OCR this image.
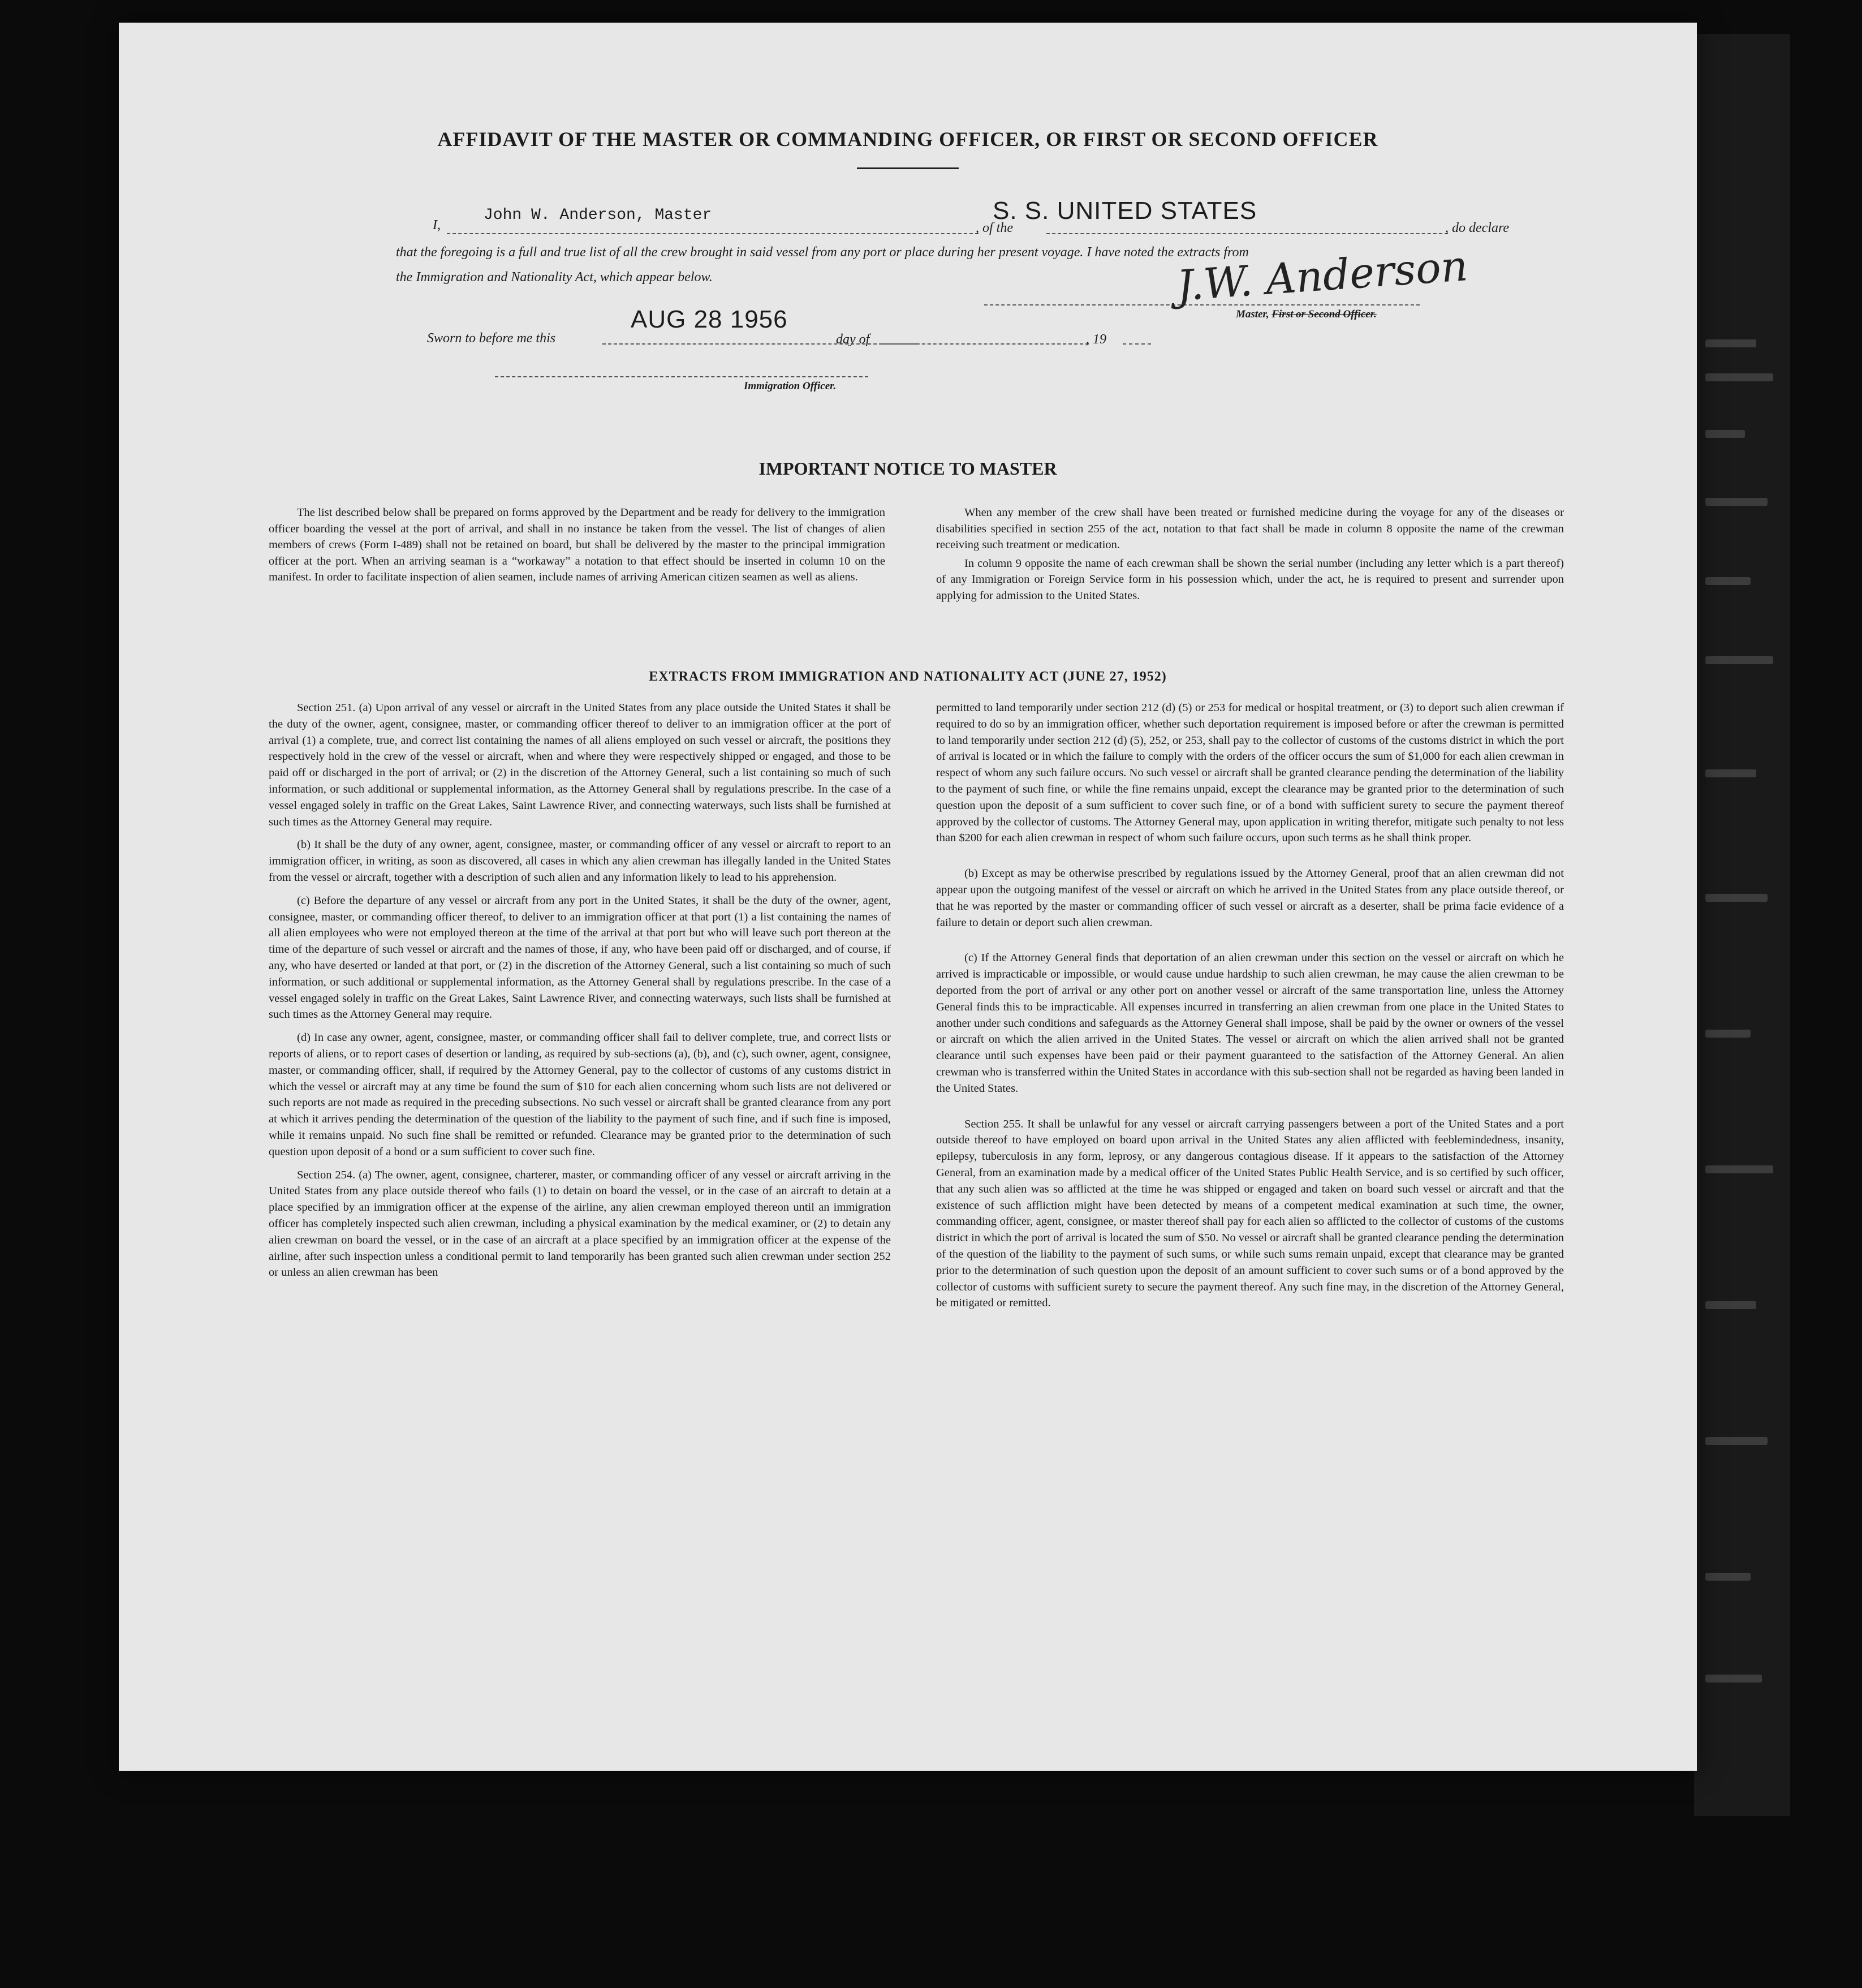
AFFIDAVIT OF THE MASTER OR COMMANDING OFFICER, OR FIRST OR SECOND OFFICER
I,
John W. Anderson, Master
, of the
S. S. UNITED STATES
, do declare
that the foregoing is a full and true list of all the crew brought in said vessel from any port or place during her present voyage. I have noted the extracts from
the Immigration and Nationality Act, which appear below.	J.W. Anderson
Master, First or Second Officer.
Sworn to before me this
AUG 28 1956
day of	, 19
Immigration Officer.
IMPORTANT NOTICE TO MASTER

The list described below shall be prepared on forms approved by the Department and be ready for delivery to the immigration officer boarding the vessel at the port of arrival, and shall in no instance be taken from the vessel. The list of changes of alien members of crews (Form I-489) shall not be retained on board, but shall be delivered by the master to the principal immigration officer at the port. When an arriving seaman is a “workaway” a notation to that effect should be inserted in column 10 on the manifest. In order to facilitate inspection of alien seamen, include names of arriving American citizen seamen as well as aliens.

When any member of the crew shall have been treated or furnished medicine during the voyage for any of the diseases or disabilities specified in section 255 of the act, notation to that fact shall be made in column 8 opposite the name of the crewman receiving such treatment or medication.

In column 9 opposite the name of each crewman shall be shown the serial number (including any letter which is a part thereof) of any Immigration or Foreign Service form in his possession which, under the act, he is required to present and surrender upon applying for admission to the United States.

EXTRACTS FROM IMMIGRATION AND NATIONALITY ACT (JUNE 27, 1952)

Section 251. (a) Upon arrival of any vessel or aircraft in the United States from any place outside the United States it shall be the duty of the owner, agent, consignee, master, or commanding officer thereof to deliver to an immigration officer at the port of arrival (1) a complete, true, and correct list containing the names of all aliens employed on such vessel or aircraft, the positions they respectively hold in the crew of the vessel or aircraft, when and where they were respectively shipped or engaged, and those to be paid off or discharged in the port of arrival; or (2) in the discretion of the Attorney General, such a list containing so much of such information, or such additional or supplemental information, as the Attorney General shall by regulations prescribe. In the case of a vessel engaged solely in traffic on the Great Lakes, Saint Lawrence River, and connecting waterways, such lists shall be furnished at such times as the Attorney General may require.

(b) It shall be the duty of any owner, agent, consignee, master, or commanding officer of any vessel or aircraft to report to an immigration officer, in writing, as soon as discovered, all cases in which any alien crewman has illegally landed in the United States from the vessel or aircraft, together with a description of such alien and any information likely to lead to his apprehension.

(c) Before the departure of any vessel or aircraft from any port in the United States, it shall be the duty of the owner, agent, consignee, master, or commanding officer thereof, to deliver to an immigration officer at that port (1) a list containing the names of all alien employees who were not employed thereon at the time of the arrival at that port but who will leave such port thereon at the time of the departure of such vessel or aircraft and the names of those, if any, who have been paid off or discharged, and of course, if any, who have deserted or landed at that port, or (2) in the discretion of the Attorney General, such a list containing so much of such information, or such additional or supplemental information, as the Attorney General shall by regulations prescribe. In the case of a vessel engaged solely in traffic on the Great Lakes, Saint Lawrence River, and connecting waterways, such lists shall be furnished at such times as the Attorney General may require.

(d) In case any owner, agent, consignee, master, or commanding officer shall fail to deliver complete, true, and correct lists or reports of aliens, or to report cases of desertion or landing, as required by sub-sections (a), (b), and (c), such owner, agent, consignee, master, or commanding officer, shall, if required by the Attorney General, pay to the collector of customs of any customs district in which the vessel or aircraft may at any time be found the sum of $10 for each alien concerning whom such lists are not delivered or such reports are not made as required in the preceding subsections. No such vessel or aircraft shall be granted clearance from any port at which it arrives pending the determination of the question of the liability to the payment of such fine, and if such fine is imposed, while it remains unpaid. No such fine shall be remitted or refunded. Clearance may be granted prior to the determination of such question upon deposit of a bond or a sum sufficient to cover such fine.

Section 254. (a) The owner, agent, consignee, charterer, master, or commanding officer of any vessel or aircraft arriving in the United States from any place outside thereof who fails (1) to detain on board the vessel, or in the case of an aircraft to detain at a place specified by an immigration officer at the expense of the airline, any alien crewman employed thereon until an immigration officer has completely inspected such alien crewman, including a physical examination by the medical examiner, or (2) to detain any alien crewman on board the vessel, or in the case of an aircraft at a place specified by an immigration officer at the expense of the airline, after such inspection unless a conditional permit to land temporarily has been granted such alien crewman under section 252 or unless an alien crewman has been

permitted to land temporarily under section 212 (d) (5) or 253 for medical or hospital treatment, or (3) to deport such alien crewman if required to do so by an immigration officer, whether such deportation requirement is imposed before or after the crewman is permitted to land temporarily under section 212 (d) (5), 252, or 253, shall pay to the collector of customs of the customs district in which the port of arrival is located or in which the failure to comply with the orders of the officer occurs the sum of $1,000 for each alien crewman in respect of whom any such failure occurs. No such vessel or aircraft shall be granted clearance pending the determination of the liability to the payment of such fine, or while the fine remains unpaid, except the clearance may be granted prior to the determination of such question upon the deposit of a sum sufficient to cover such fine, or of a bond with sufficient surety to secure the payment thereof approved by the collector of customs. The Attorney General may, upon application in writing therefor, mitigate such penalty to not less than $200 for each alien crewman in respect of whom such failure occurs, upon such terms as he shall think proper.

(b) Except as may be otherwise prescribed by regulations issued by the Attorney General, proof that an alien crewman did not appear upon the outgoing manifest of the vessel or aircraft on which he arrived in the United States from any place outside thereof, or that he was reported by the master or commanding officer of such vessel or aircraft as a deserter, shall be prima facie evidence of a failure to detain or deport such alien crewman.

(c) If the Attorney General finds that deportation of an alien crewman under this section on the vessel or aircraft on which he arrived is impracticable or impossible, or would cause undue hardship to such alien crewman, he may cause the alien crewman to be deported from the port of arrival or any other port on another vessel or aircraft of the same transportation line, unless the Attorney General finds this to be impracticable. All expenses incurred in transferring an alien crewman from one place in the United States to another under such conditions and safeguards as the Attorney General shall impose, shall be paid by the owner or owners of the vessel or aircraft on which the alien arrived in the United States. The vessel or aircraft on which the alien arrived shall not be granted clearance until such expenses have been paid or their payment guaranteed to the satisfaction of the Attorney General. An alien crewman who is transferred within the United States in accordance with this sub-section shall not be regarded as having been landed in the United States.

Section 255. It shall be unlawful for any vessel or aircraft carrying passengers between a port of the United States and a port outside thereof to have employed on board upon arrival in the United States any alien afflicted with feeblemindedness, insanity, epilepsy, tuberculosis in any form, leprosy, or any dangerous contagious disease. If it appears to the satisfaction of the Attorney General, from an examination made by a medical officer of the United States Public Health Service, and is so certified by such officer, that any such alien was so afflicted at the time he was shipped or engaged and taken on board such vessel or aircraft and that the existence of such affliction might have been detected by means of a competent medical examination at such time, the owner, commanding officer, agent, consignee, or master thereof shall pay for each alien so afflicted to the collector of customs of the customs district in which the port of arrival is located the sum of $50. No vessel or aircraft shall be granted clearance pending the determination of the question of the liability to the payment of such sums, or while such sums remain unpaid, except that clearance may be granted prior to the determination of such question upon the deposit of an amount sufficient to cover such sums or of a bond approved by the collector of customs with sufficient surety to secure the payment thereof. Any such fine may, in the discretion of the Attorney General, be mitigated or remitted.
